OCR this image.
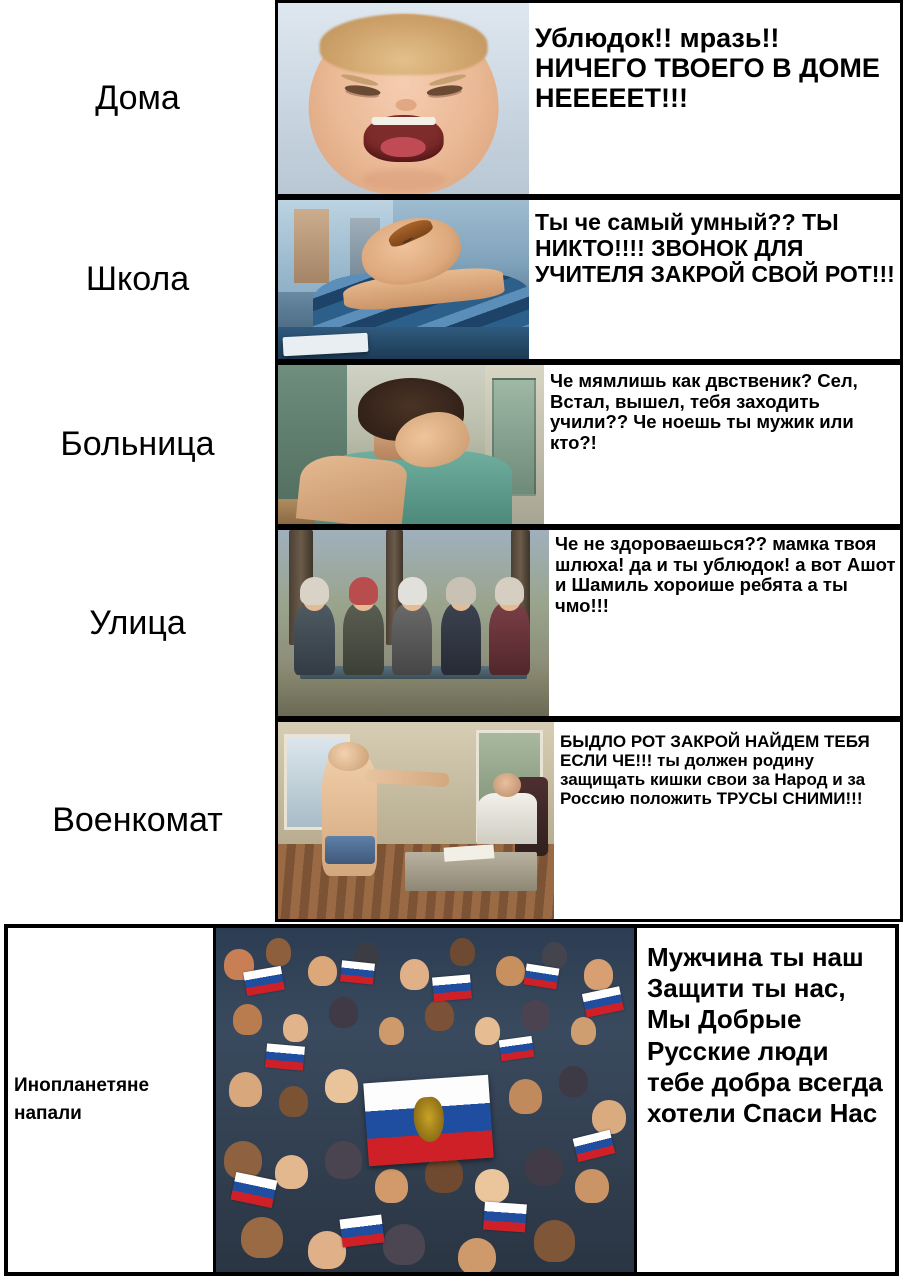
Дома
Ублюдок!! мразь!! НИЧЕГО ТВОЕГО В ДОМЕ НЕЕЕЕЕТ!!!
Школа
Ты че самый умный?? ТЫ НИКТО!!!! ЗВОНОК ДЛЯ УЧИТЕЛЯ ЗАКРОЙ СВОЙ РОТ!!!
Больница
Че мямлишь как двственик? Сел, Встал, вышел, тебя заходить учили?? Че ноешь ты мужик или кто?!
Улица
Че не здороваешься?? мамка твоя шлюха! да и ты ублюдок! а вот Ашот и Шамиль хороише ребята а ты чмо!!!
Военкомат
БЫДЛО РОТ ЗАКРОЙ НАЙДЕМ ТЕБЯ ЕСЛИ ЧЕ!!! ты должен родину защищать кишки свои за Народ и за Россию положить ТРУСЫ СНИМИ!!!
Инопланетяне напали
Мужчина ты наш Защити ты нас, Мы Добрые Русские люди тебе добра всегда хотели Спаси Нас
